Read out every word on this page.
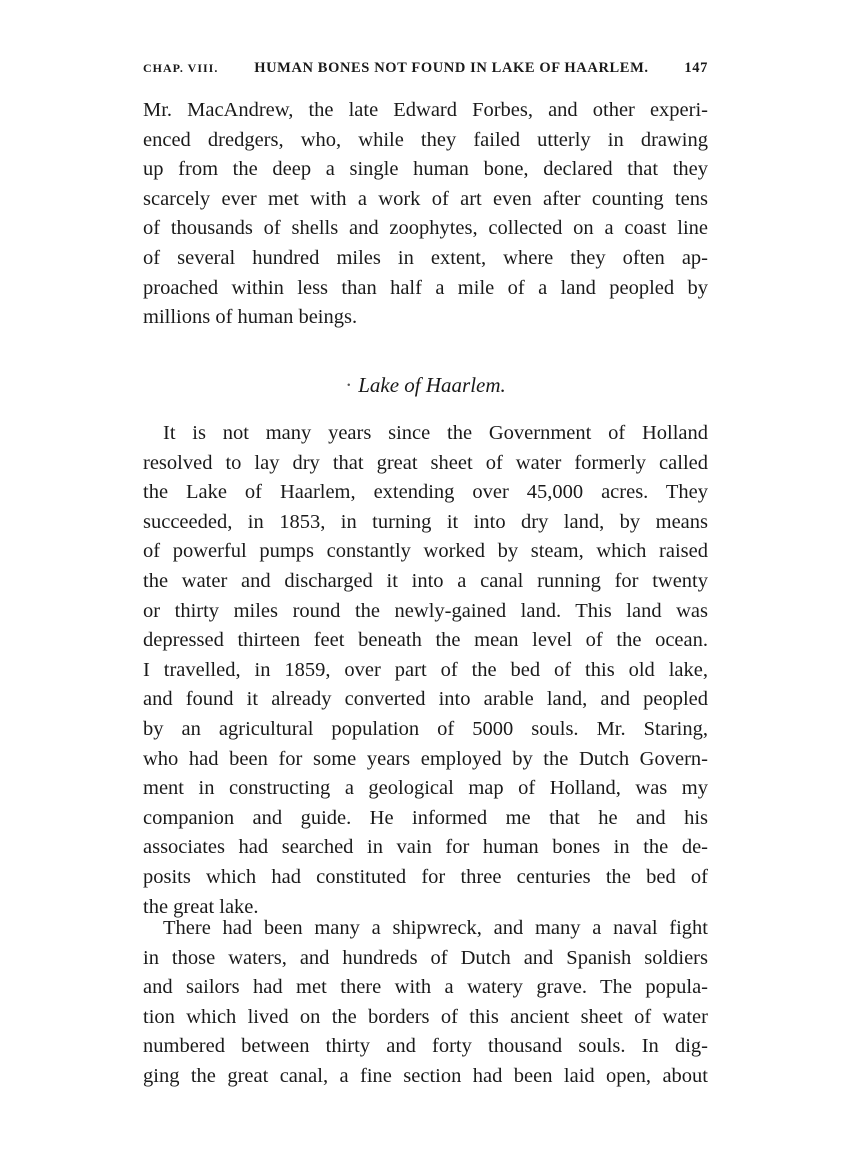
CHAP. VIII. HUMAN BONES NOT FOUND IN LAKE OF HAARLEM. 147
Mr. MacAndrew, the late Edward Forbes, and other experi-
enced dredgers, who, while they failed utterly in drawing
up from the deep a single human bone, declared that they
scarcely ever met with a work of art even after counting tens
of thousands of shells and zoophytes, collected on a coast line
of several hundred miles in extent, where they often ap-
proached within less than half a mile of a land peopled by
millions of human beings.
· Lake of Haarlem.
It is not many years since the Government of Holland
resolved to lay dry that great sheet of water formerly called
the Lake of Haarlem, extending over 45,000 acres. They
succeeded, in 1853, in turning it into dry land, by means
of powerful pumps constantly worked by steam, which raised
the water and discharged it into a canal running for twenty
or thirty miles round the newly-gained land. This land was
depressed thirteen feet beneath the mean level of the ocean.
I travelled, in 1859, over part of the bed of this old lake,
and found it already converted into arable land, and peopled
by an agricultural population of 5000 souls. Mr. Staring,
who had been for some years employed by the Dutch Govern-
ment in constructing a geological map of Holland, was my
companion and guide. He informed me that he and his
associates had searched in vain for human bones in the de-
posits which had constituted for three centuries the bed of
the great lake.
There had been many a shipwreck, and many a naval fight
in those waters, and hundreds of Dutch and Spanish soldiers
and sailors had met there with a watery grave. The popula-
tion which lived on the borders of this ancient sheet of water
numbered between thirty and forty thousand souls. In dig-
ging the great canal, a fine section had been laid open, about
